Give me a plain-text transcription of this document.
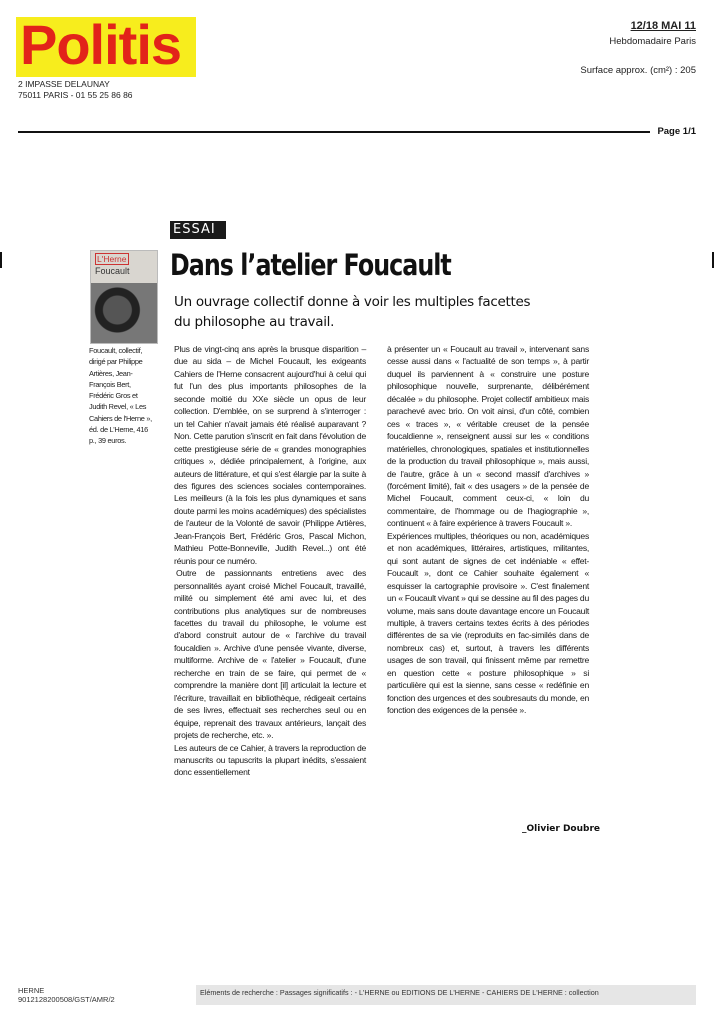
Politis
2 IMPASSE DELAUNAY
75011 PARIS - 01 55 25 86 86
12/18 MAI 11
Hebdomadaire Paris
Surface approx. (cm²) : 205
Page 1/1
ESSAI
Dans l’atelier Foucault
Un ouvrage collectif donne à voir les multiples facettes du philosophe au travail.
L'Herne
Foucault
Foucault, collectif, dirigé par Philippe Artières, Jean-François Bert, Frédéric Gros et Judith Revel, « Les Cahiers de l'Herne », éd. de L'Herne, 416 p., 39 euros.

Plus de vingt-cinq ans après la brusque disparition – due au sida – de Michel Foucault, les exigeants Cahiers de l'Herne consacrent aujourd'hui à celui qui fut l'un des plus importants philosophes de la seconde moitié du XXe siècle un opus de leur collection. D'emblée, on se surprend à s'interroger : un tel Cahier n'avait jamais été réalisé auparavant ? Non. Cette parution s'inscrit en fait dans l'évolution de cette prestigieuse série de « grandes monographies critiques », dédiée principalement, à l'origine, aux auteurs de littérature, et qui s'est élargie par la suite à des figures des sciences sociales contemporaines. Les meilleurs (à la fois les plus dynamiques et sans doute parmi les moins académiques) des spécialistes de l'auteur de la Volonté de savoir (Philippe Artières, Jean-François Bert, Frédéric Gros, Pascal Michon, Mathieu Potte-Bonneville, Judith Revel...) ont été réunis pour ce numéro.

Outre de passionnants entretiens avec des personnalités ayant croisé Michel Foucault, travaillé, milité ou simplement été ami avec lui, et des contributions plus analytiques sur de nombreuses facettes du travail du philosophe, le volume est d'abord construit autour de « l'archive du travail foucaldien ». Archive d'une pensée vivante, diverse, multiforme. Archive de « l'atelier » Foucault, d'une recherche en train de se faire, qui permet de « comprendre la manière dont [il] articulait la lecture et l'écriture, travaillait en bibliothèque, rédigeait certains de ses livres, effectuait ses recherches seul ou en équipe, reprenait des travaux antérieurs, lançait des projets de recherche, etc. ».

Les auteurs de ce Cahier, à travers la reproduction de manuscrits ou tapuscrits la plupart inédits, s'essaient donc essentiellement

à présenter un « Foucault au travail », intervenant sans cesse aussi dans « l'actualité de son temps », à partir duquel ils parviennent à « construire une posture philosophique nouvelle, surprenante, délibérément décalée » du philosophe. Projet collectif ambitieux mais parachevé avec brio. On voit ainsi, d'un côté, combien ces « traces », « véritable creuset de la pensée foucaldienne », renseignent aussi sur les « conditions matérielles, chronologiques, spatiales et institutionnelles de la production du travail philosophique », mais aussi, de l'autre, grâce à un « second massif d'archives » (forcément limité), fait « des usagers » de la pensée de Michel Foucault, comment ceux-ci, « loin du commentaire, de l'hommage ou de l'hagiographie », continuent « à faire expérience à travers Foucault ».

Expériences multiples, théoriques ou non, académiques et non académiques, littéraires, artistiques, militantes, qui sont autant de signes de cet indéniable « effet-Foucault », dont ce Cahier souhaite également « esquisser la cartographie provisoire ». C'est finalement un « Foucault vivant » qui se dessine au fil des pages du volume, mais sans doute davantage encore un Foucault multiple, à travers certains textes écrits à des périodes différentes de sa vie (reproduits en fac-similés dans de nombreux cas) et, surtout, à travers les différents usages de son travail, qui finissent même par remettre en question cette « posture philosophique » si particulière qui est la sienne, sans cesse « redéfinie en fonction des urgences et des soubresauts du monde, en fonction des exigences de la pensée ».

_Olivier Doubre
HERNE
9012128200508/GST/AMR/2
Eléments de recherche : Passages significatifs : - L'HERNE ou EDITIONS DE L'HERNE - CAHIERS DE L'HERNE : collection
